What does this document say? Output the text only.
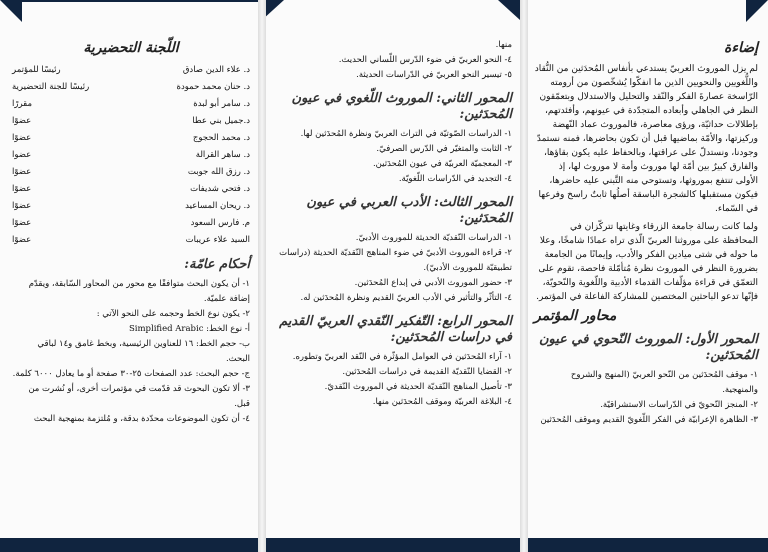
إضاءة

لم يزل الموروث العربيّ يستدعي بأنفاس المُحدَثين من النُّقاد واللُّغويين والنحويين الذين ما انفكّوا يُشخّصون من أرومته الرّاسخة عصارةَ الفكر والنّقد والتحليل والاستدلال وبتعمّقون النظر في الجاهلي وأبعاده المتجدّدة في عيونهم، وأفئدتهم، بإطلالات حداثيّة، ورؤى معاصرة، فالموروث عماد النّهضة وركيزتها، والأمّة بماضيها قبل أن تكون بحاضرها، فمنه نستمدّ وجودنا، ونستدلّ على عراقتها، وبالحفاظ عليه يكون بقاؤها، والفارق كبيرٌ بين أمّة لها موروث وأمة لا موروث لها، إذ الأولى تنتفع بموروثها، وتستوحي منه التَّبني عليه حاضرها، فيكون مستقبلها كالشجرة الباسقة أصلُها ثابتٌ راسخ وفرعها في السّماء.

ولما كانت رسالة جامعة الزرقاء وغايتها تتركّزان في المحافظة على موروثنا العربيّ الّذي تراه عمادًا شامخًا، وعلا ما حوله في شتى ميادين الفكر والأدب، وإيمانًا من الجامعة بضرورة النظر في الموروث نظرة مُتأمّلة فاحصة، تقوم على التعمّق في قراءة مؤلّفات القدماء الأدبية واللّغوية والنّحويّة، فإنّها تدعو الباحثين المختصين للمشاركة الفاعلة في المؤتمر.

محاور المؤتمر
المحور الأول: الموروث النّحوي في عيون المُحدَثين:

١- موقف المُحدَثين من النّحو العربيّ (المنهج والشروح والمنهجية.

٢- المنجز النّحويّ في الدّراسات الاستشراقيّة.

٣- الظاهرة الإعرابيّة في الفكر اللّغويّ القديم وموقف المُحدَثين

منها.

٤- النحو العربيّ في ضوء الدّرس اللّساني الحديث.

٥- تيسير النحو العربيّ في الدّراسات الحديثة.

المحور الثاني: الموروث اللّغوي في عيون المُحدَثين:

١- الدراسات الصّوتيّة في التراث العربيّ ونظرة المُحدَثين لها.

٢- الثابت والمتغيّر في الدّرس الصرفيّ.

٣- المعجميّة العربيّة في عيون المُحدَثين.

٤- التجديد في الدّراسات اللّغويّة.

المحور الثالث: الأدب العربي في عيون المُحدَثين:

١- الدراسات النّقديّة الحديثة للموروث الأدبيّ.

٢- قراءة الموروث الأدبيّ في ضوء المناهج النّقديّة الحديثة (دراسات تطبيقيّة للموروث الأدبيّ).

٣- حضور الموروث الأدبي في إبداع المُحدَثين.

٤- التأثّر والتأثير في الأدب العربيّ القديم ونظرة المُحدَثين له.

المحور الرابع: التّفكير النّقدي العربيّ القديم في دراسات المُحدَثين:

١- آراء المُحدَثين في العوامل المؤثّرة في النّقد العربيّ وتطوره.

٢- القضايا النّقديّة القديمة في دراسات المُحدَثين.

٣- تأصيل المناهج النّقديّة الحديثة في الموروث النّقديّ.

٤- البلاغة العربيّة وموقف المُحدَثين منها.

اللّجنة التحضيرية
د. علاء الدين صادق	رئيسًا للمؤتمر
د. حنان محمد حمودة	رئيسًا للجنة التحضيرية
د. سامر أبو لبدة	مقررًا
د.جميل بني عطا	عضوًا
د. محمد الحجوج	عضوًا
د. ساهر القرالة	عضوا
د. رزق الله جوبت	عضوًا
د. فتحي شديفات	عضوًا
د. ريحان المساعيد	عضوًا
م. فارس السعود	عضوًا
السيد علاء عريبات	عضوًا
أحكام عامّة:

١- أن يكون البحث متوافقًا مع محور من المحاور السّابقة، ويقدّم إضافة علميّة.

٢- يكون نوع الخط وحجمه على النحو الآتي :

أ- نوع الخط: Simplified Arabic

ب- حجم الخط: ١٦ للعناوين الرئيسية، وبخط غامق و١٤ لباقي البحث.

ج- حجم البحث: عدد الصفحات ٢٥-٣٠ صفحة أو ما يعادل ٦٠٠٠ كلمة.

٣- ألا تكون البحوث قد قدّمت في مؤتمرات أخرى، أو نُشرت من قبل.

٤- أن تكون الموضوعات محدّدة بدقة، و مُلتزمة بمنهجية البحث
